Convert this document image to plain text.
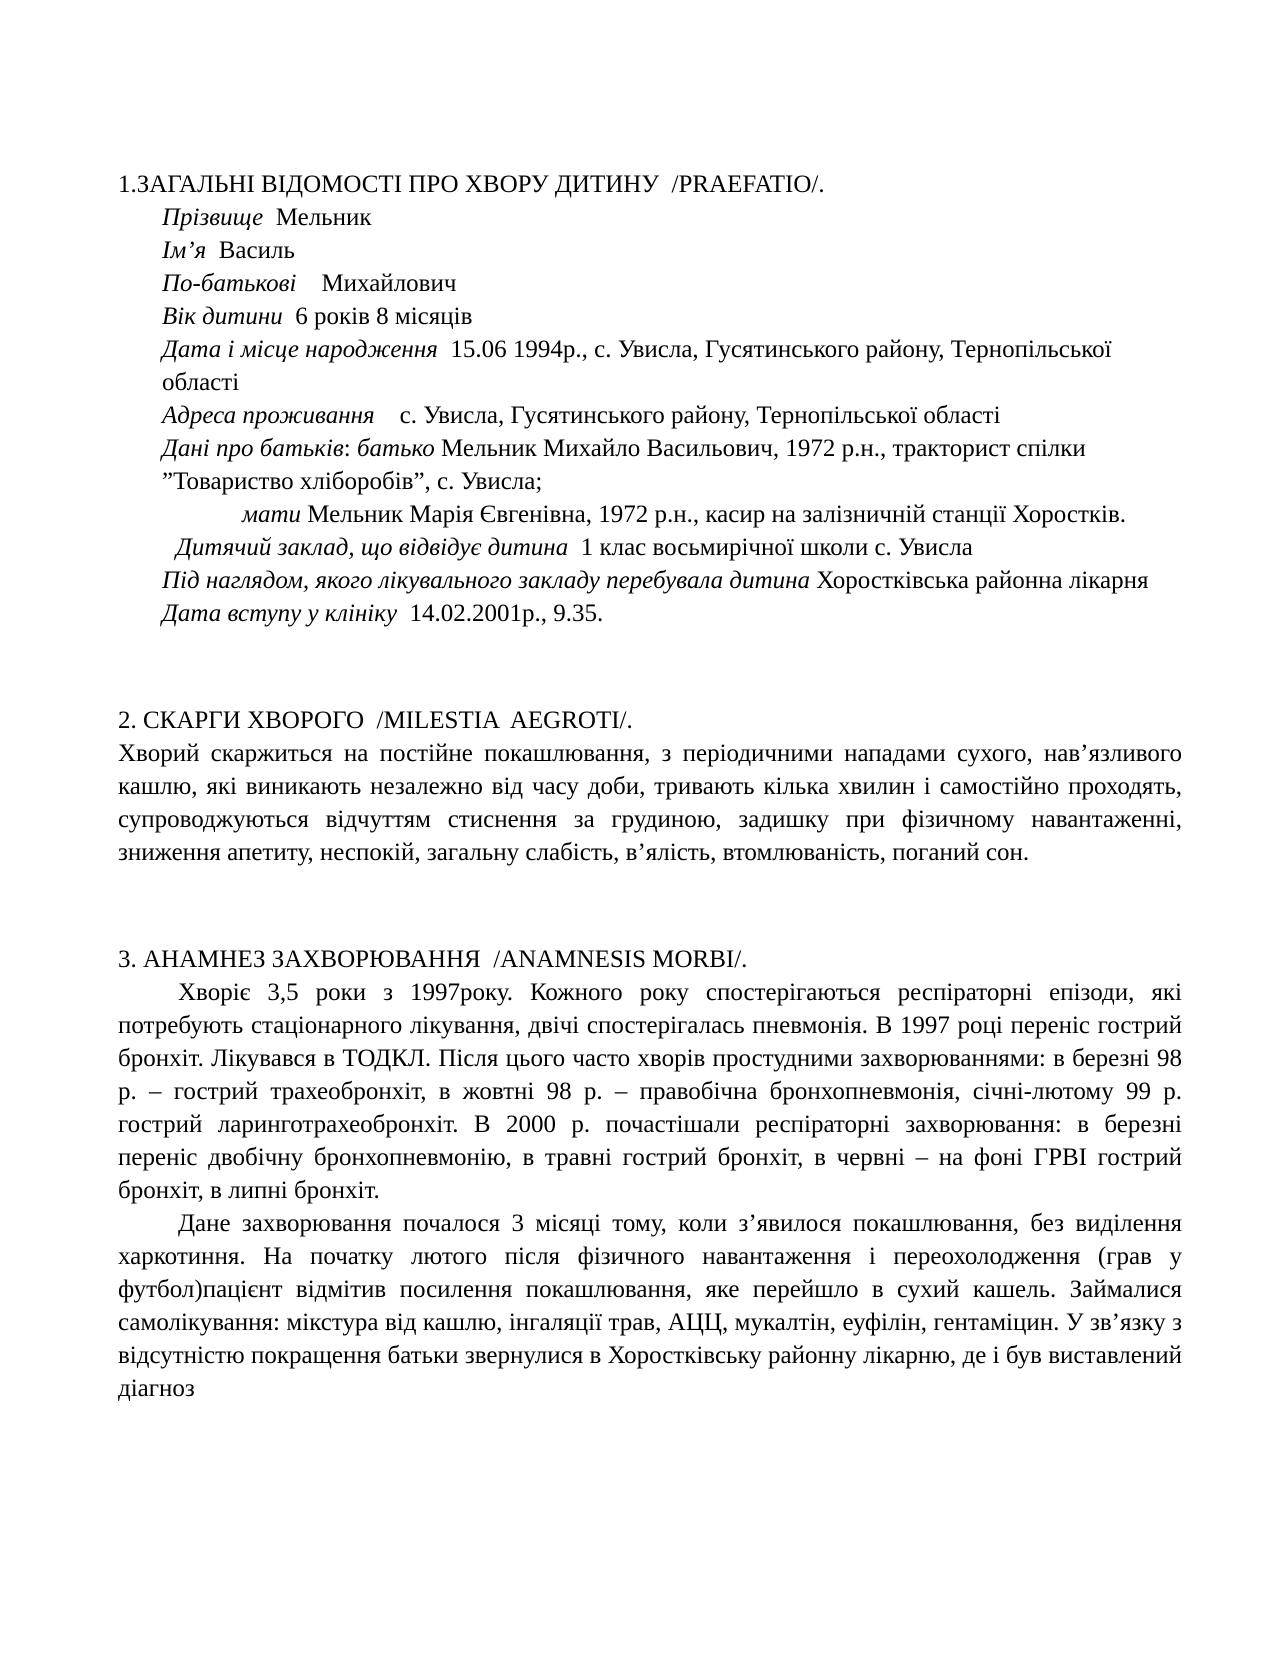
1.ЗАГАЛЬНІ ВІДОМОСТІ ПРО ХВОРУ ДИТИНУ  /PRAEFATIO/.

Прізвище Мельник

Ім’я Василь

По-батькові Михайлович

Вік дитини 6 років 8 місяців

Дата і місце народження 15.06 1994р., с. Увисла, Гусятинського району, Тернопільської області

Адреса проживання с. Увисла, Гусятинського району, Тернопільської області

Дані про батьків: батько Мельник Михайло Васильович, 1972 р.н., тракторист спілки ”Товариство хліборобів”, с. Увисла;

мати Мельник Марія Євгенівна, 1972 р.н., касир на залізничній станції Хоростків.

Дитячий заклад, що відвідує дитина 1 клас восьмирічної школи с. Увисла

Під наглядом, якого лікувального закладу перебувала дитина Хоростківська районна лікарня

Дата вступу у клініку 14.02.2001р., 9.35.

2. СКАРГИ ХВОРОГО  /MILESTIA  AEGROTI/.

Хворий скаржиться на постійне покашлювання, з періодичними нападами сухого, нав’язливого кашлю, які виникають незалежно від часу доби, тривають кілька хвилин і самостійно проходять, супроводжуються відчуттям стиснення за грудиною, задишку при фізичному навантаженні, зниження апетиту, неспокій, загальну слабість, в’ялість, втомлюваність, поганий сон.

3. АНАМНЕЗ ЗАХВОРЮВАННЯ  /ANAMNESIS MORBI/.

Хворіє 3,5 роки з 1997року. Кожного року спостерігаються респіраторні епізоди, які потребують стаціонарного лікування, двічі спостерігалась пневмонія. В 1997 році переніс гострий бронхіт. Лікувався в ТОДКЛ. Після цього часто хворів простудними захворюваннями: в березні 98 р. – гострий трахеобронхіт, в жовтні 98 р. – правобічна бронхопневмонія, січні-лютому 99 р. гострий ларинготрахеобронхіт. В 2000 р. почастішали респіраторні захворювання: в березні переніс двобічну бронхопневмонію, в травні гострий бронхіт, в червні – на фоні ГРВІ гострий бронхіт, в липні бронхіт.

Дане захворювання почалося 3 місяці тому, коли з’явилося покашлювання, без виділення харкотиння. На початку лютого після фізичного навантаження і переохолодження (грав у футбол)пацієнт відмітив посилення покашлювання, яке перейшло в сухий кашель. Займалися самолікування: мікстура від кашлю, інгаляції трав, АЦЦ, мукалтін, еуфілін, гентаміцин. У зв’язку з відсутністю покращення батьки звернулися в Хоростківську районну лікарню, де і був виставлений діагноз
